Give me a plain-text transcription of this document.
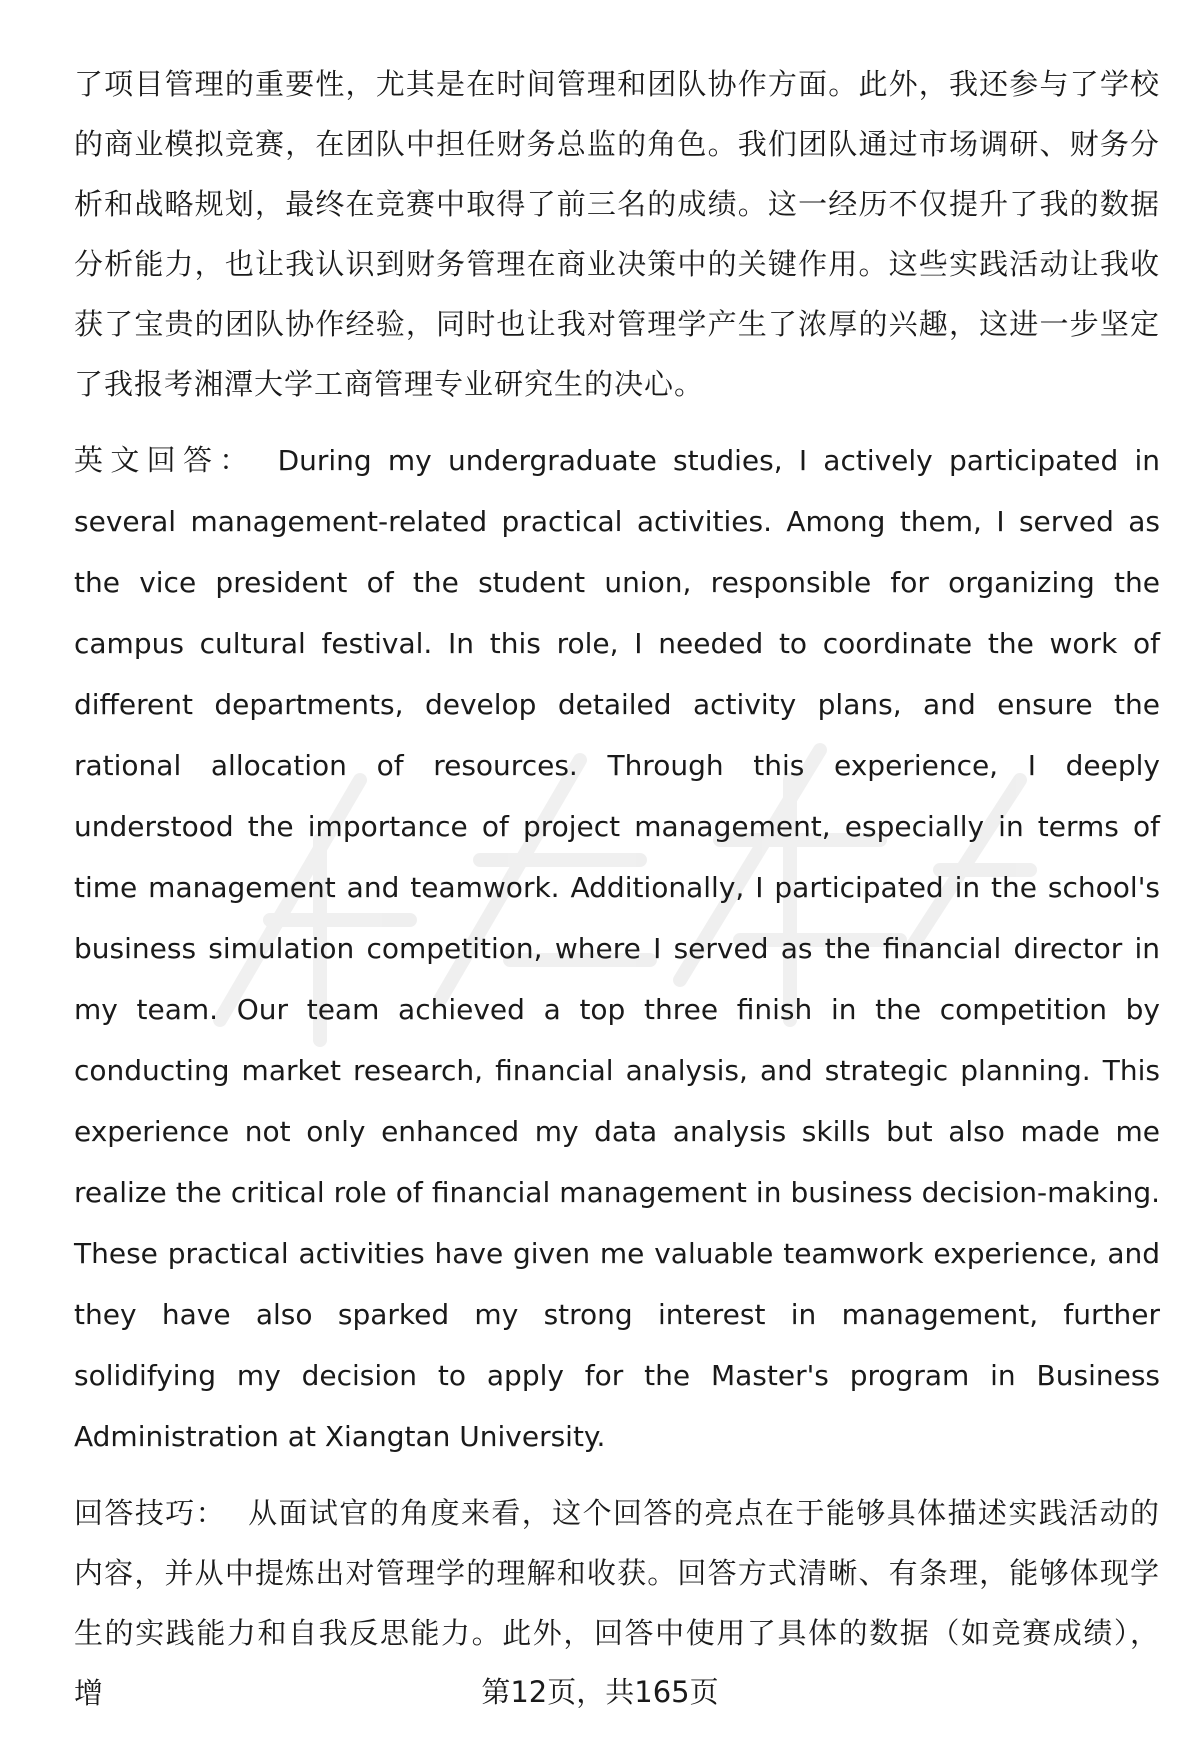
了项目管理的重要性，尤其是在时间管理和团队协作方面。此外，我还参与了学校的商业模拟竞赛，在团队中担任财务总监的角色。我们团队通过市场调研、财务分析和战略规划，最终在竞赛中取得了前三名的成绩。这一经历不仅提升了我的数据分析能力，也让我认识到财务管理在商业决策中的关键作用。这些实践活动让我收获了宝贵的团队协作经验，同时也让我对管理学产生了浓厚的兴趣，这进一步坚定了我报考湘潭大学工商管理专业研究生的决心。

英文回答： During my undergraduate studies, I actively participated in several management-related practical activities. Among them, I served as the vice president of the student union, responsible for organizing the campus cultural festival. In this role, I needed to coordinate the work of different departments, develop detailed activity plans, and ensure the rational allocation of resources. Through this experience, I deeply understood the importance of project management, especially in terms of time management and teamwork. Additionally, I participated in the school's business simulation competition, where I served as the financial director in my team. Our team achieved a top three finish in the competition by conducting market research, financial analysis, and strategic planning. This experience not only enhanced my data analysis skills but also made me realize the critical role of financial management in business decision-making. These practical activities have given me valuable teamwork experience, and they have also sparked my strong interest in management, further solidifying my decision to apply for the Master's program in Business Administration at Xiangtan University.

回答技巧： 从面试官的角度来看，这个回答的亮点在于能够具体描述实践活动的内容，并从中提炼出对管理学的理解和收获。回答方式清晰、有条理，能够体现学生的实践能力和自我反思能力。此外，回答中使用了具体的数据（如竞赛成绩），增	第12页，共165页
